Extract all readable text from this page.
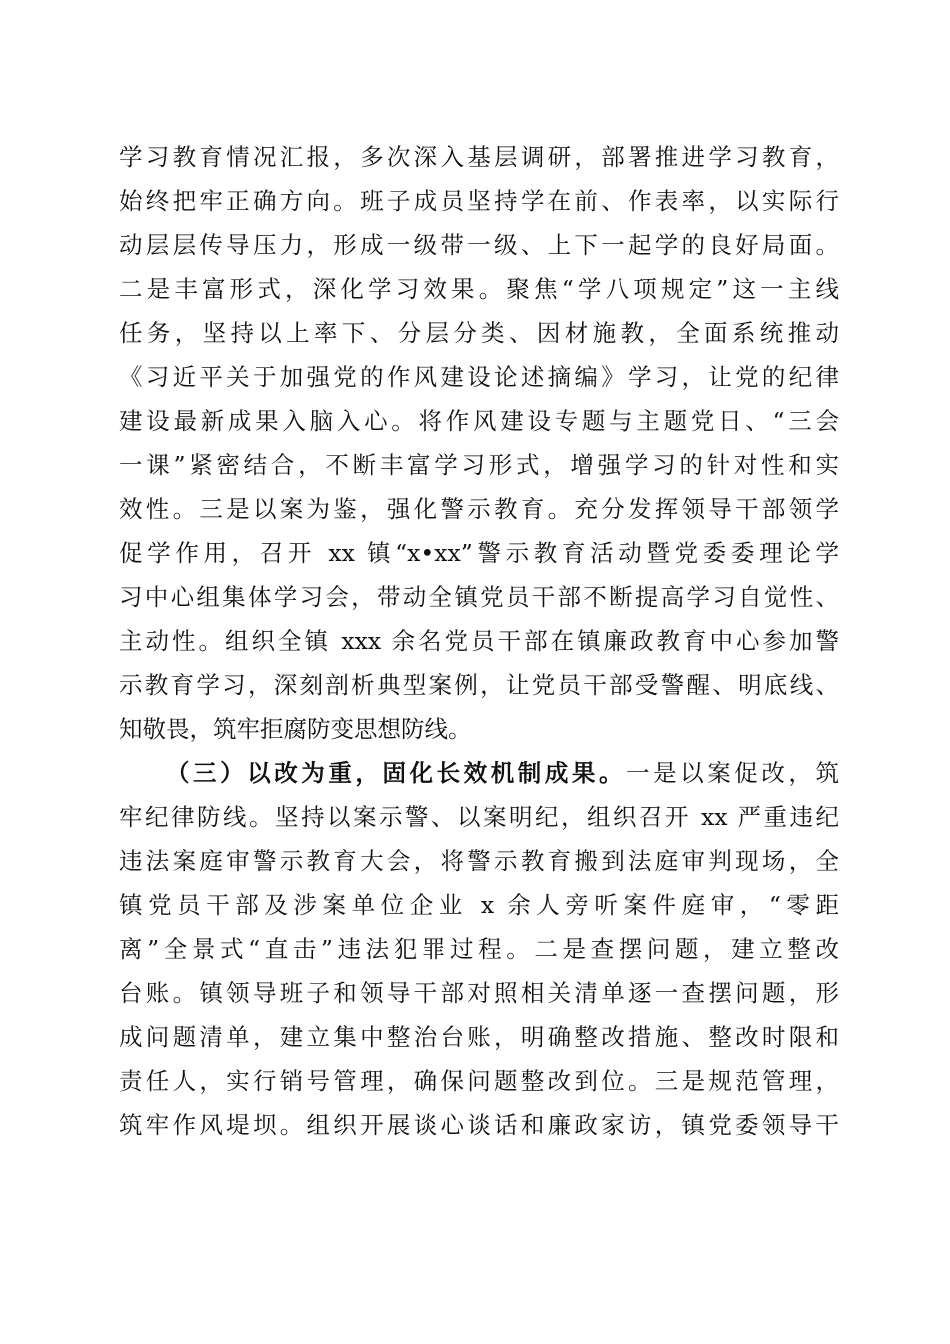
学习教育情况汇报，多次深入基层调研，部署推进学习教育，
始终把牢正确方向。班子成员坚持学在前、作表率，以实际行
动层层传导压力，形成一级带一级、上下一起学的良好局面。
二是丰富形式，深化学习效果。聚焦“学八项规定”这一主线
任务，坚持以上率下、分层分类、因材施教，全面系统推动
《习近平关于加强党的作风建设论述摘编》学习，让党的纪律
建设最新成果入脑入心。将作风建设专题与主题党日、“三会
一课”紧密结合，不断丰富学习形式，增强学习的针对性和实
效性。三是以案为鉴，强化警示教育。充分发挥领导干部领学
促学作用，召开 xx 镇“x•xx”警示教育活动暨党委委理论学
习中心组集体学习会，带动全镇党员干部不断提高学习自觉性、
主动性。组织全镇 xxx 余名党员干部在镇廉政教育中心参加警
示教育学习，深刻剖析典型案例，让党员干部受警醒、明底线、
知敬畏，筑牢拒腐防变思想防线。
（三）以改为重，固化长效机制成果。一是以案促改，筑
牢纪律防线。坚持以案示警、以案明纪，组织召开 xx 严重违纪
违法案庭审警示教育大会，将警示教育搬到法庭审判现场，全
镇党员干部及涉案单位企业 x 余人旁听案件庭审，“零距
离”全景式“直击”违法犯罪过程。二是查摆问题，建立整改
台账。镇领导班子和领导干部对照相关清单逐一查摆问题，形
成问题清单，建立集中整治台账，明确整改措施、整改时限和
责任人，实行销号管理，确保问题整改到位。三是规范管理，
筑牢作风堤坝。组织开展谈心谈话和廉政家访，镇党委领导干
